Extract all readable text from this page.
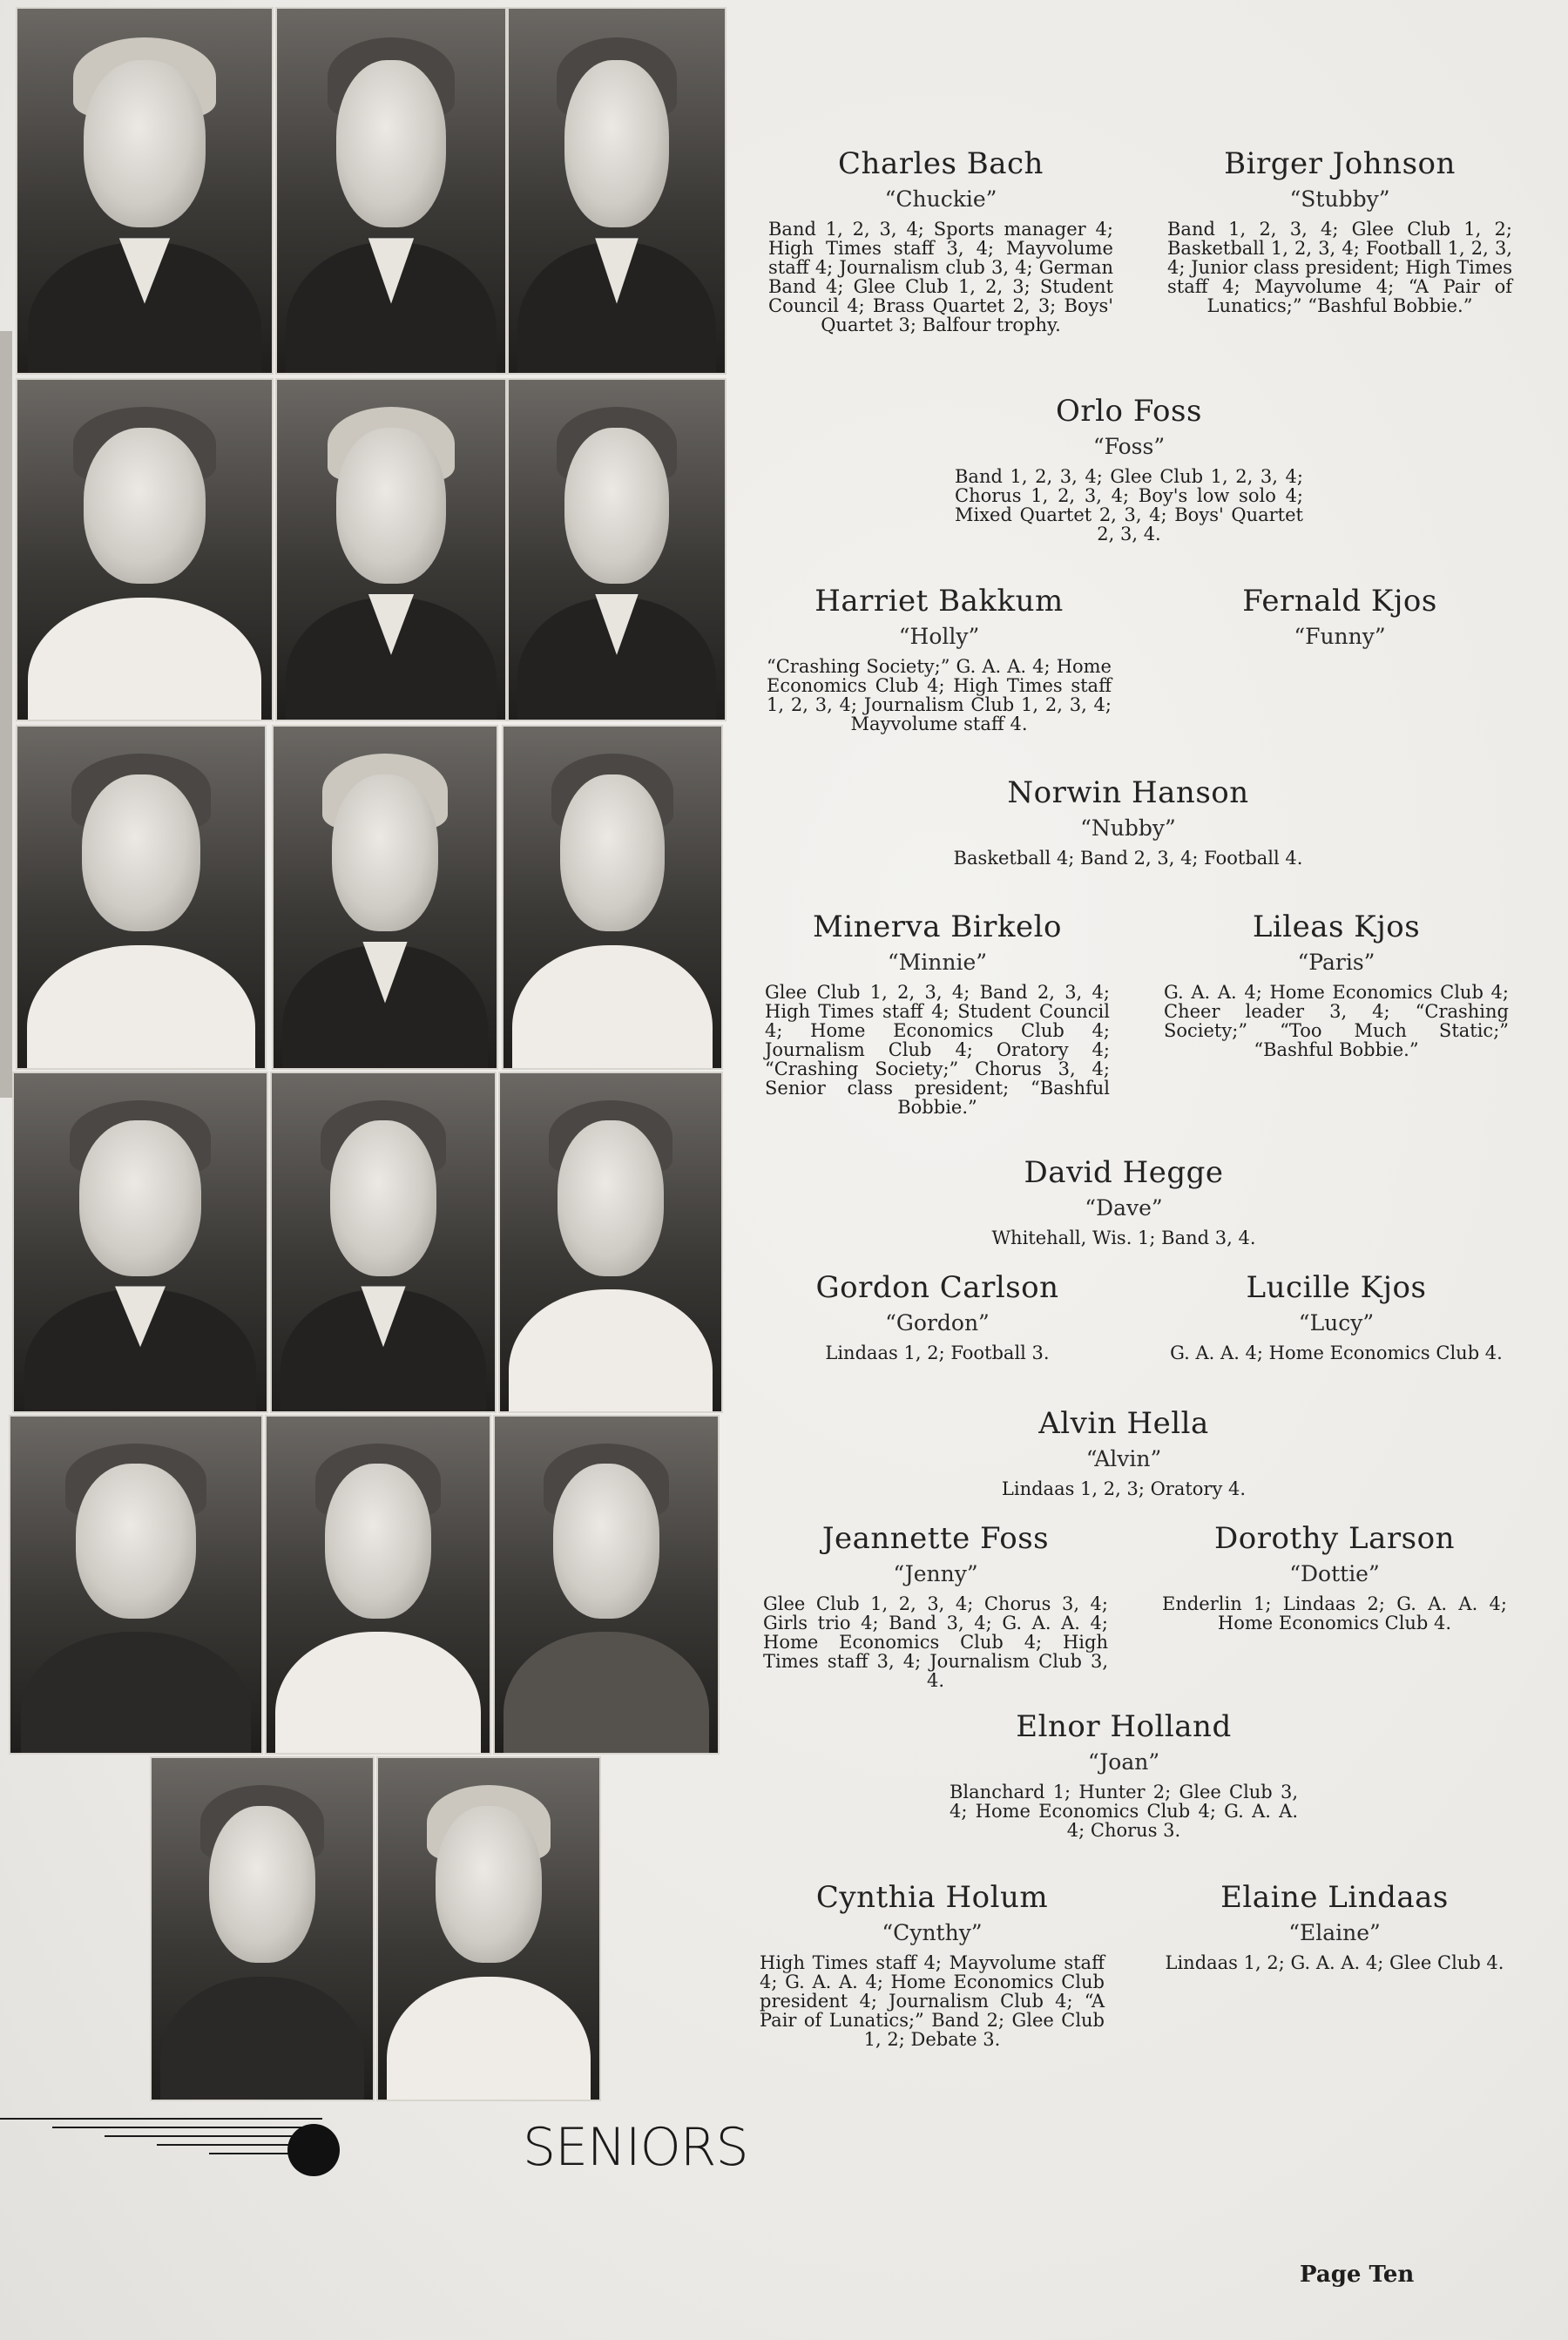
Charles Bach
“Chuckie”
Band 1, 2, 3, 4; Sports manager 4; High Times staff 3, 4; Mayvolume staff 4; Journalism club 3, 4; German Band 4; Glee Club 1, 2, 3; Student Council 4; Brass Quartet 2, 3; Boys' Quartet 3; Balfour trophy.
Birger Johnson
“Stubby”
Band 1, 2, 3, 4; Glee Club 1, 2; Basketball 1, 2, 3, 4; Football 1, 2, 3, 4; Junior class president; High Times staff 4; Mayvolume 4; “A Pair of Lunatics;” “Bashful Bobbie.”
Orlo Foss
“Foss”
Band 1, 2, 3, 4; Glee Club 1, 2, 3, 4; Chorus 1, 2, 3, 4; Boy's low solo 4; Mixed Quartet 2, 3, 4; Boys' Quartet 2, 3, 4.
Harriet Bakkum
“Holly”
“Crashing Society;” G. A. A. 4; Home Economics Club 4; High Times staff 1, 2, 3, 4; Journalism Club 1, 2, 3, 4; Mayvolume staff 4.
Fernald Kjos
“Funny”
Norwin Hanson
“Nubby”
Basketball 4; Band 2, 3, 4; Football 4.
Minerva Birkelo
“Minnie”
Glee Club 1, 2, 3, 4; Band 2, 3, 4; High Times staff 4; Student Council 4; Home Economics Club 4; Journalism Club 4; Oratory 4; “Crashing Society;” Chorus 3, 4; Senior class president; “Bashful Bobbie.”
Lileas Kjos
“Paris”
G. A. A. 4; Home Economics Club 4; Cheer leader 3, 4; “Crashing Society;” “Too Much Static;” “Bashful Bobbie.”
David Hegge
“Dave”
Whitehall, Wis. 1; Band 3, 4.
Gordon Carlson
“Gordon”
Lindaas 1, 2; Football 3.
Lucille Kjos
“Lucy”
G. A. A. 4; Home Economics Club 4.
Alvin Hella
“Alvin”
Lindaas 1, 2, 3; Oratory 4.
Jeannette Foss
“Jenny”
Glee Club 1, 2, 3, 4; Chorus 3, 4; Girls trio 4; Band 3, 4; G. A. A. 4; Home Economics Club 4; High Times staff 3, 4; Journalism Club 3, 4.
Dorothy Larson
“Dottie”
Enderlin 1; Lindaas 2; G. A. A. 4; Home Economics Club 4.
Elnor Holland
“Joan”
Blanchard 1; Hunter 2; Glee Club 3, 4; Home Economics Club 4; G. A. A. 4; Chorus 3.
Cynthia Holum
“Cynthy”
High Times staff 4; Mayvolume staff 4; G. A. A. 4; Home Economics Club president 4; Journalism Club 4; “A Pair of Lunatics;” Band 2; Glee Club 1, 2; Debate 3.
Elaine Lindaas
“Elaine”
Lindaas 1, 2; G. A. A. 4; Glee Club 4.
SENIORS
Page Ten
